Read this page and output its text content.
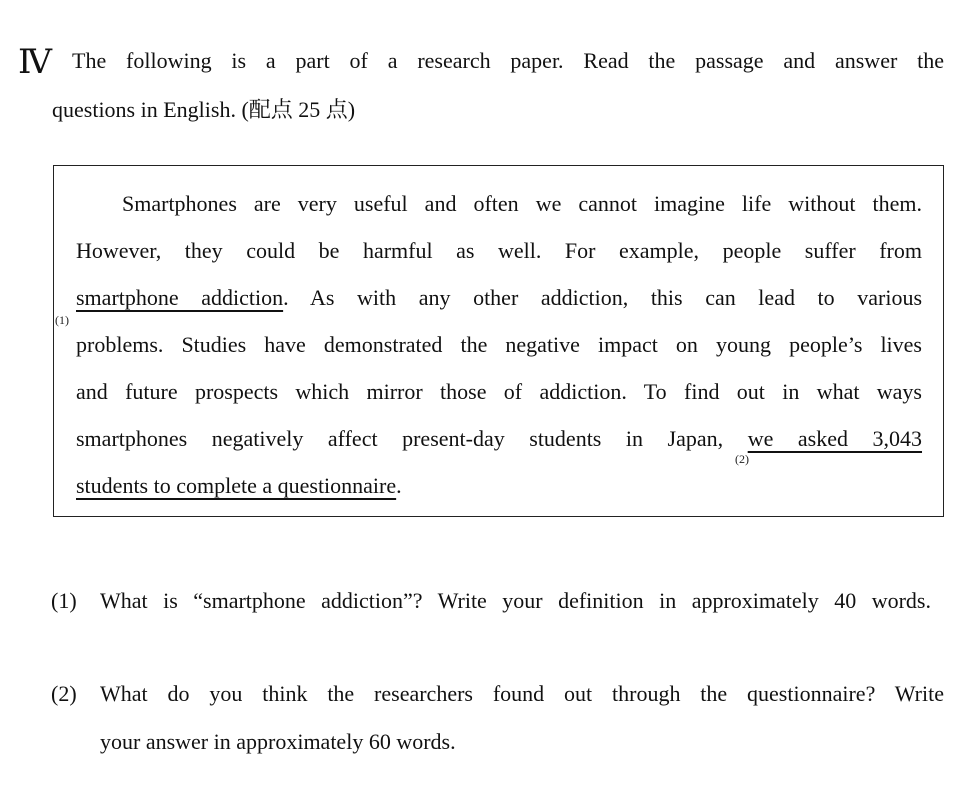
Ⅳ The following is a part of a research paper. Read the passage and answer the
questions in English. (配点 25 点)
Smartphones are very useful and often we cannot imagine life without them.
However, they could be harmful as well. For example, people suffer from
smartphone addiction. As with any other addiction, this can lead to various
(1)
problems. Studies have demonstrated the negative impact on young people’s lives
and future prospects which mirror those of addiction. To find out in what ways
smartphones negatively affect present-day students in Japan, we asked 3,043
(2)
students to complete a questionnaire.
(1) What is “smartphone addiction”? Write your definition in approximately 40 words.
(2) What do you think the researchers found out through the questionnaire? Write
your answer in approximately 60 words.
